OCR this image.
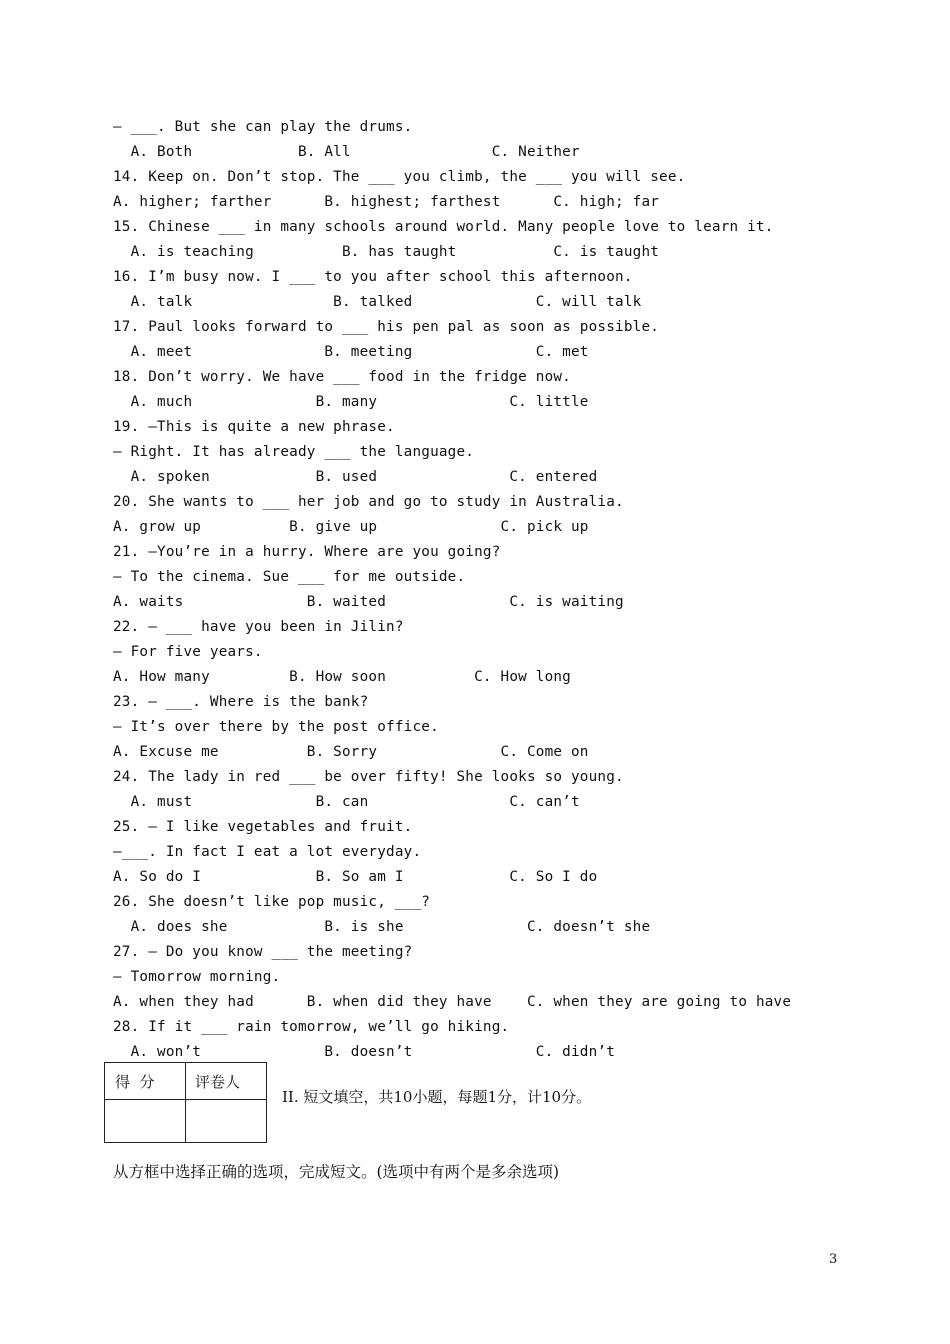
— ___. But she can play the drums.
A. Both            B. All                C. Neither
14. Keep on. Don’t stop. The ___ you climb, the ___ you will see.
A. higher; farther      B. highest; farthest      C. high; far
15. Chinese ___ in many schools around world. Many people love to learn it.
A. is teaching          B. has taught           C. is taught
16. I’m busy now. I ___ to you after school this afternoon.
A. talk                B. talked              C. will talk
17. Paul looks forward to ___ his pen pal as soon as possible.
A. meet               B. meeting              C. met
18. Don’t worry. We have ___ food in the fridge now.
A. much              B. many               C. little
19. —This is quite a new phrase.
— Right. It has already ___ the language.
A. spoken            B. used               C. entered
20. She wants to ___ her job and go to study in Australia.
A. grow up          B. give up              C. pick up
21. —You’re in a hurry. Where are you going?
— To the cinema. Sue ___ for me outside.
A. waits              B. waited              C. is waiting
22. — ___ have you been in Jilin?
— For five years.
A. How many         B. How soon          C. How long
23. — ___. Where is the bank?
— It’s over there by the post office.
A. Excuse me          B. Sorry              C. Come on
24. The lady in red ___ be over fifty! She looks so young.
A. must              B. can                C. can’t
25. — I like vegetables and fruit.
—___. In fact I eat a lot everyday.
A. So do I             B. So am I            C. So I do
26. She doesn’t like pop music, ___?
A. does she           B. is she              C. doesn’t she
27. — Do you know ___ the meeting?
— Tomorrow morning.
A. when they had      B. when did they have    C. when they are going to have
28. If it ___ rain tomorrow, we’ll go hiking.
A. won’t              B. doesn’t              C. didn’t
得  分	评卷人
II. 短文填空，共10小题，每题1分，计10分。
从方框中选择正确的选项，完成短文。(选项中有两个是多余选项)
3
